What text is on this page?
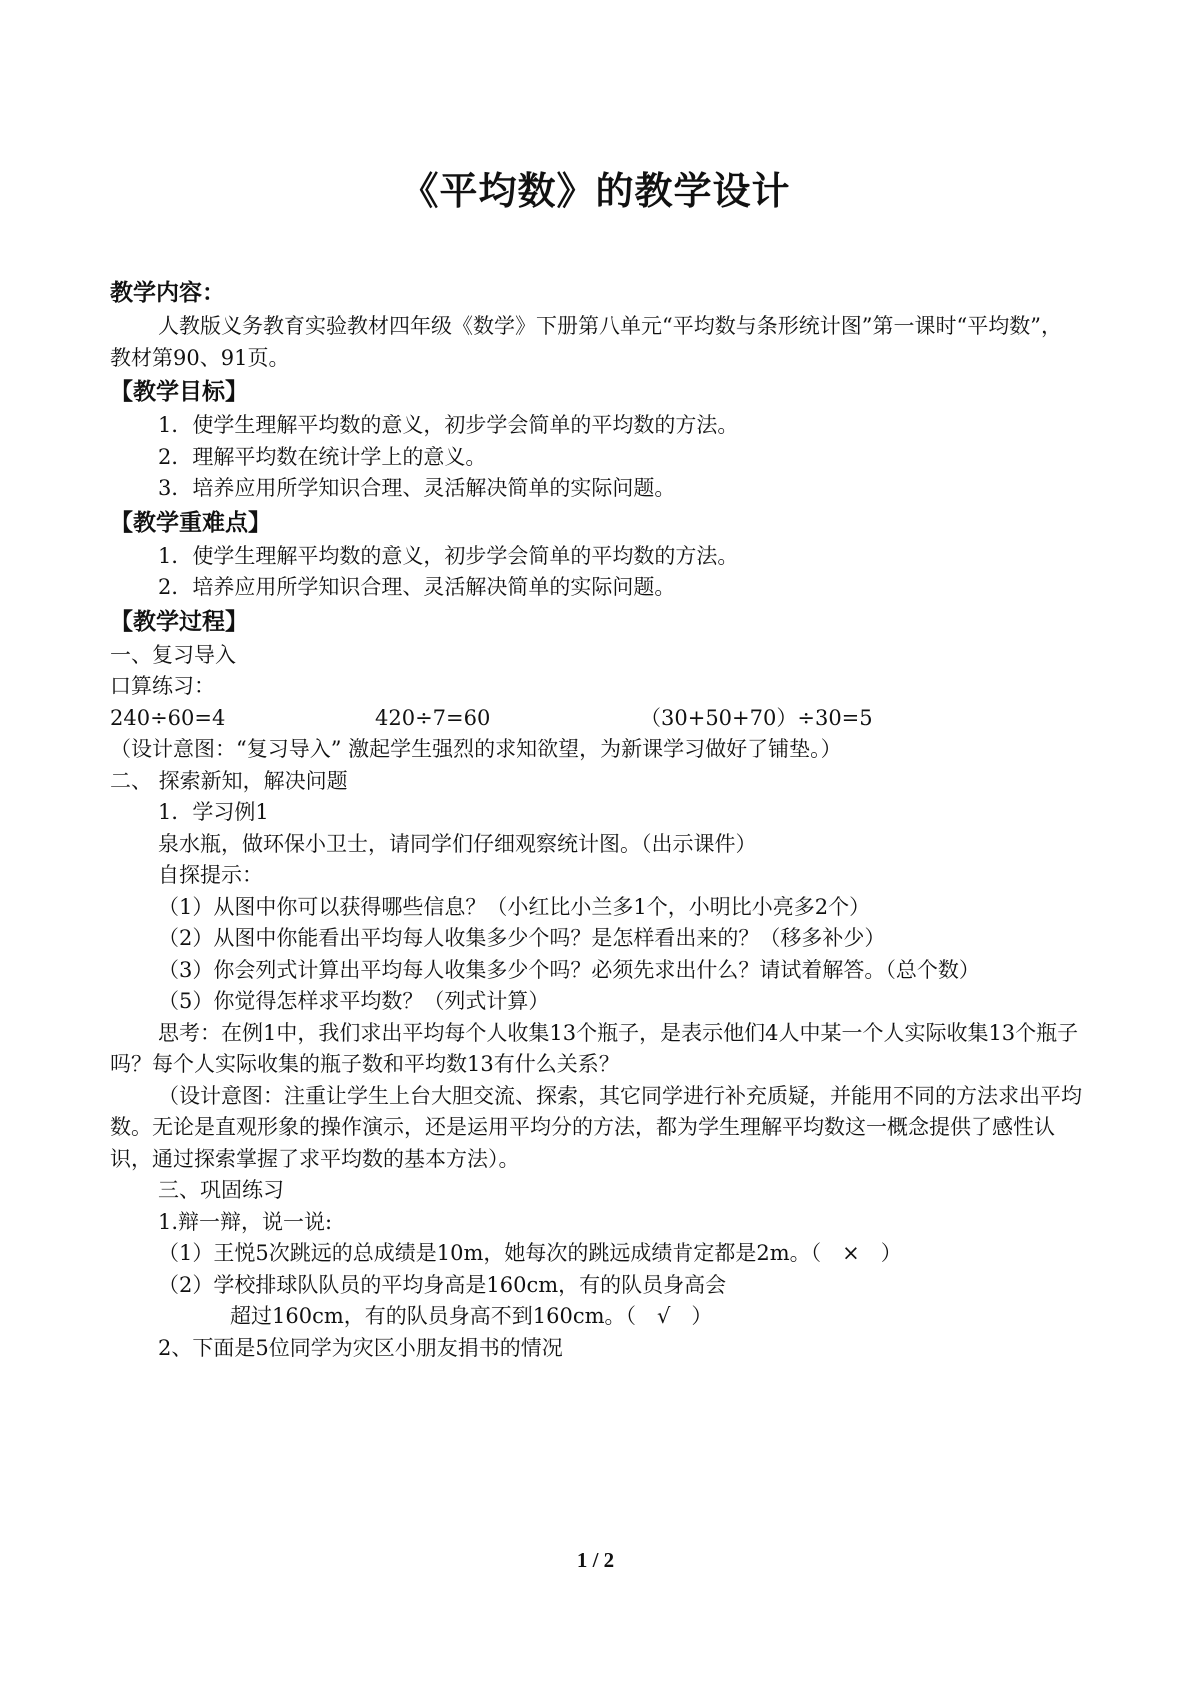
《平均数》的教学设计

教学内容：

人教版义务教育实验教材四年级《数学》下册第八单元“平均数与条形统计图”第一课时“平均数”，教材第90、91页。

【教学目标】

1．使学生理解平均数的意义，初步学会简单的平均数的方法。

2．理解平均数在统计学上的意义。

3．培养应用所学知识合理、灵活解决简单的实际问题。

【教学重难点】

1．使学生理解平均数的意义，初步学会简单的平均数的方法。

2．培养应用所学知识合理、灵活解决简单的实际问题。

【教学过程】

一、复习导入

口算练习：

240÷60=4	420÷7=60	（30+50+70）÷30=5

（设计意图：“复习导入” 激起学生强烈的求知欲望，为新课学习做好了铺垫。）

二、 探索新知，解决问题

1．学习例1

泉水瓶，做环保小卫士，请同学们仔细观察统计图。（出示课件）

自探提示：

（1）从图中你可以获得哪些信息？（小红比小兰多1个，小明比小亮多2个）

（2）从图中你能看出平均每人收集多少个吗？是怎样看出来的？（移多补少）

（3）你会列式计算出平均每人收集多少个吗？必须先求出什么？请试着解答。（总个数）

（5）你觉得怎样求平均数？（列式计算）

思考：在例1中，我们求出平均每个人收集13个瓶子，是表示他们4人中某一个人实际收集13个瓶子吗？每个人实际收集的瓶子数和平均数13有什么关系？

（设计意图：注重让学生上台大胆交流、探索，其它同学进行补充质疑，并能用不同的方法求出平均数。无论是直观形象的操作演示，还是运用平均分的方法，都为学生理解平均数这一概念提供了感性认识，通过探索掌握了求平均数的基本方法）。

三、巩固练习

1.辩一辩，说一说:

（1）王悦5次跳远的总成绩是10m，她每次的跳远成绩肯定都是2m。（　×　）

（2）学校排球队队员的平均身高是160cm，有的队员身高会

超过160cm，有的队员身高不到160cm。（　√　）

2、下面是5位同学为灾区小朋友捐书的情况

1 / 2
